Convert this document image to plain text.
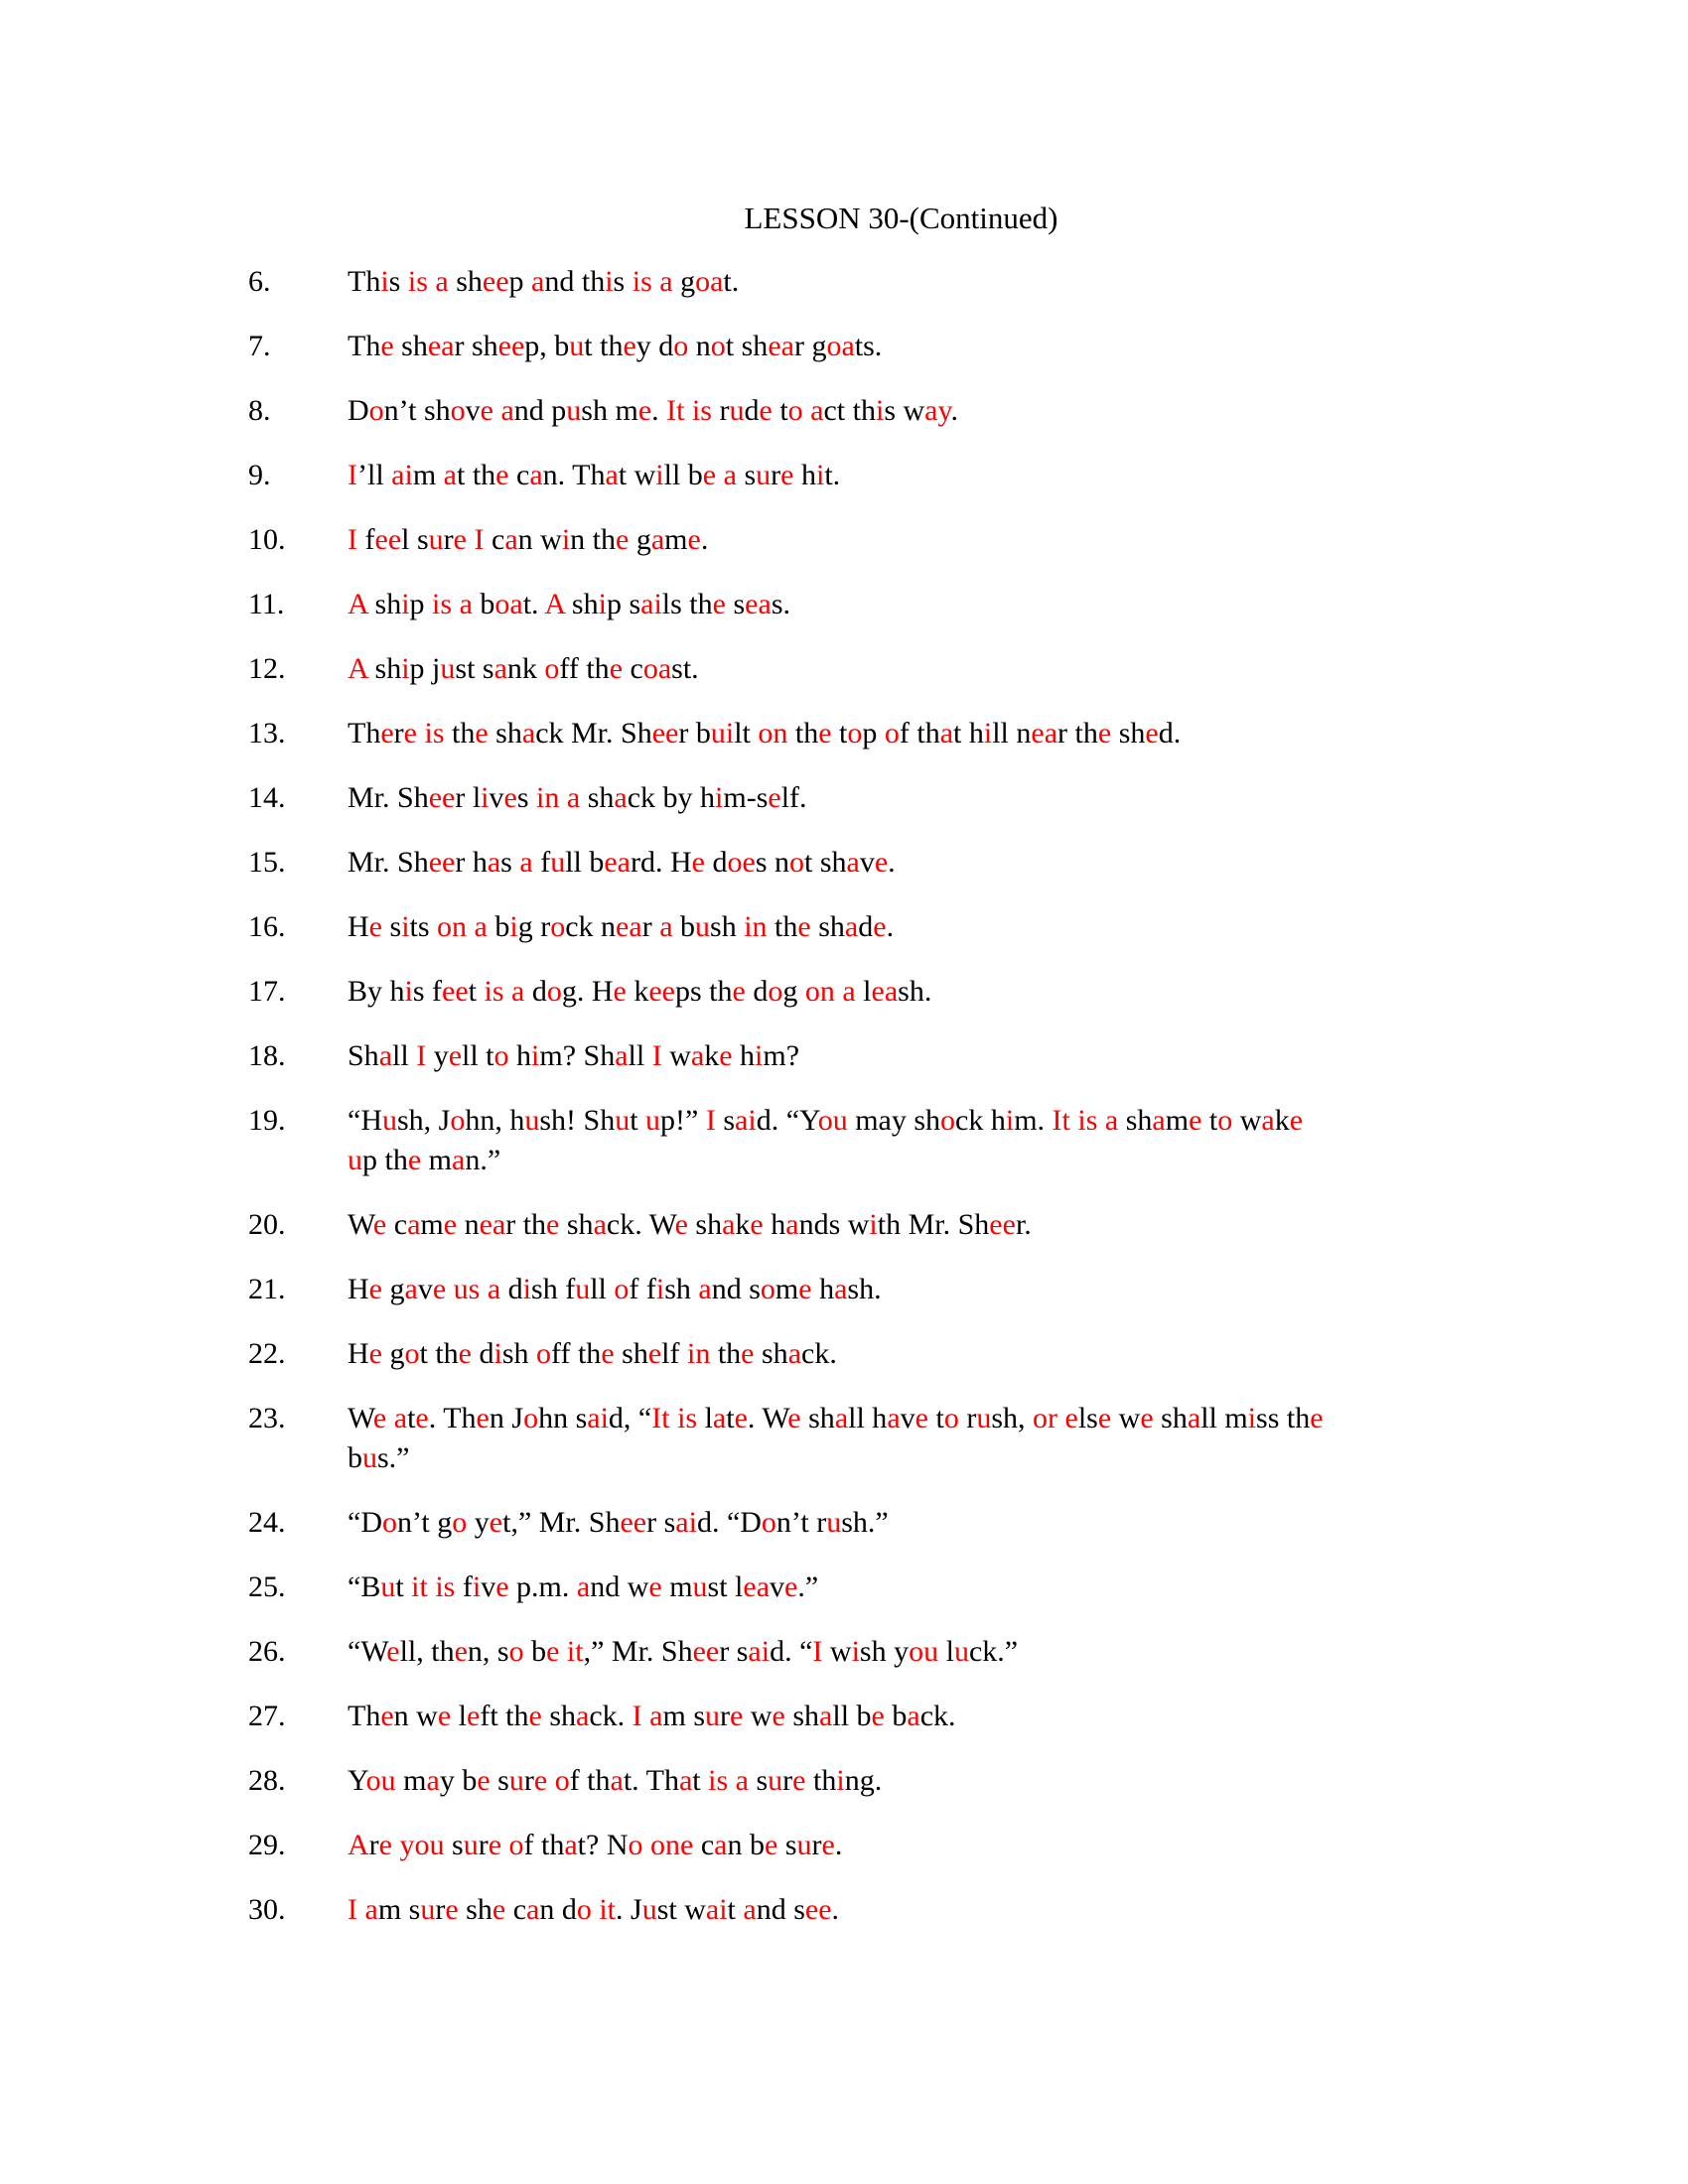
LESSON 30-(Continued)
6.	This is a sheep and this is a goat.
7.	The shear sheep, but they do not shear goats.
8.	Don’t shove and push me. It is rude to act this way.
9.	I’ll aim at the can. That will be a sure hit.
10.	I feel sure I can win the game.
11.	A ship is a boat. A ship sails the seas.
12.	A ship just sank off the coast.
13.	There is the shack Mr. Sheer built on the top of that hill near the shed.
14.	Mr. Sheer lives in a shack by him-self.
15.	Mr. Sheer has a full beard. He does not shave.
16.	He sits on a big rock near a bush in the shade.
17.	By his feet is a dog. He keeps the dog on a leash.
18.	Shall I yell to him? Shall I wake him?
19.	“Hush, John, hush! Shut up!” I said. “You may shock him. It is a shame to wake
up the man.”
20.	We came near the shack. We shake hands with Mr. Sheer.
21.	He gave us a dish full of fish and some hash.
22.	He got the dish off the shelf in the shack.
23.	We ate. Then John said, “It is late. We shall have to rush, or else we shall miss the
bus.”
24.	“Don’t go yet,” Mr. Sheer said. “Don’t rush.”
25.	“But it is five p.m. and we must leave.”
26.	“Well, then, so be it,” Mr. Sheer said. “I wish you luck.”
27.	Then we left the shack. I am sure we shall be back.
28.	You may be sure of that. That is a sure thing.
29.	Are you sure of that? No one can be sure.
30.	I am sure she can do it. Just wait and see.
